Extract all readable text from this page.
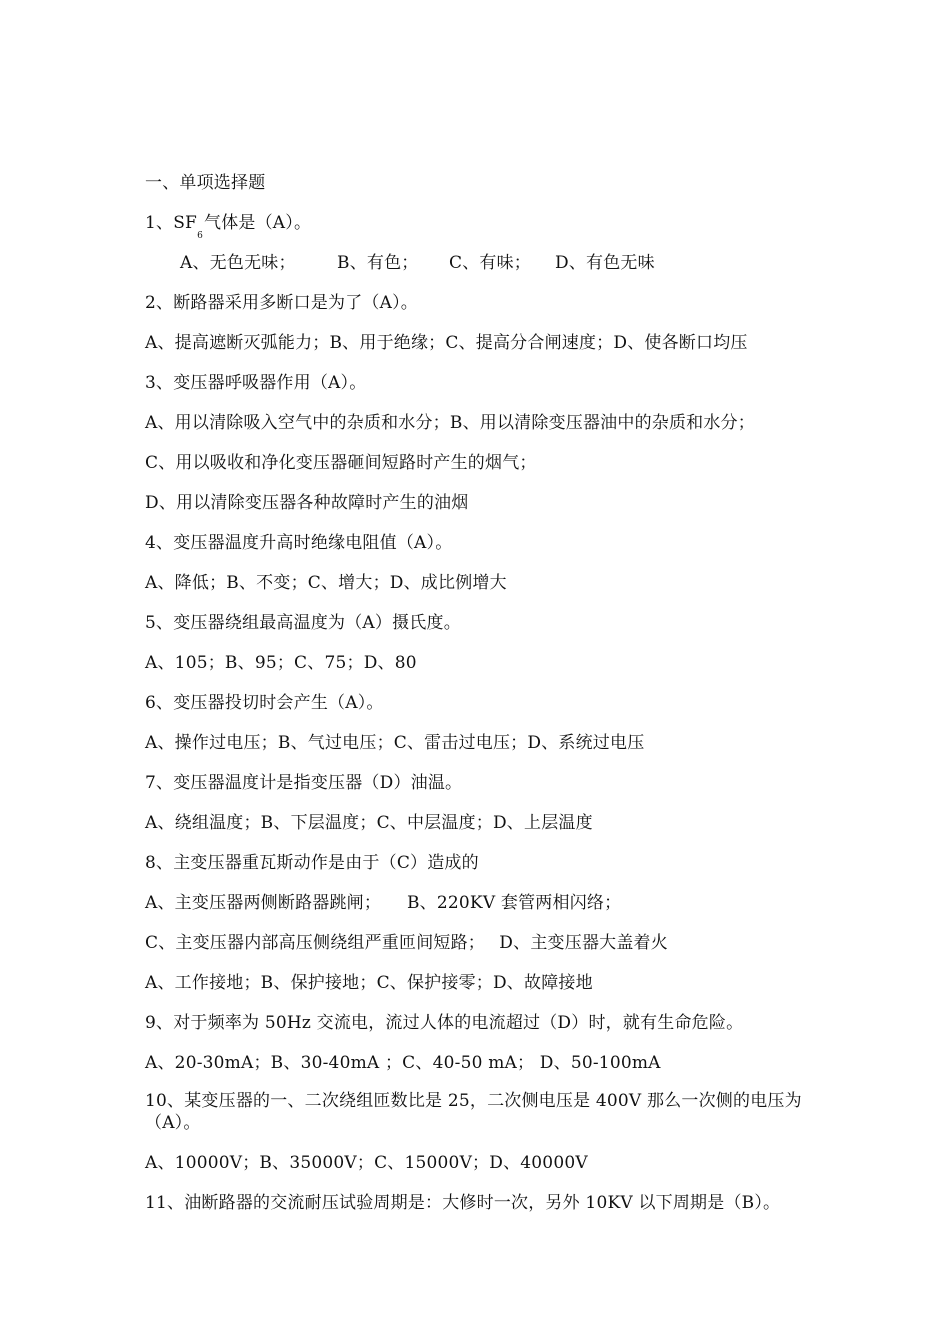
一、单项选择题
1、$SF_6$气体是（A）。
A、无色无味； B、有色； C、有味； D、有色无味
2、断路器采用多断口是为了（A）。
A、提高遮断灭弧能力；B、用于绝缘；C、提高分合闸速度；D、使各断口均压
3、变压器呼吸器作用（A）。
A、用以清除吸入空气中的杂质和水分；B、用以清除变压器油中的杂质和水分；
C、用以吸收和净化变压器砸间短路时产生的烟气；
D、用以清除变压器各种故障时产生的油烟
4、变压器温度升高时绝缘电阻值（A）。
A、降低；B、不变；C、增大；D、成比例增大
5、变压器绕组最高温度为（A）摄氏度。
A、105；B、95；C、75；D、80
6、变压器投切时会产生（A）。
A、操作过电压；B、气过电压；C、雷击过电压；D、系统过电压
7、变压器温度计是指变压器（D）油温。
A、绕组温度；B、下层温度；C、中层温度；D、上层温度
8、主变压器重瓦斯动作是由于（C）造成的
A、主变压器两侧断路器跳闸；　　B、220KV 套管两相闪络；
C、主变压器内部高压侧绕组严重匝间短路；　 D、主变压器大盖着火
A、工作接地；B、保护接地；C、保护接零；D、故障接地
9、对于频率为 50Hz 交流电，流过人体的电流超过（D）时，就有生命危险。
A、20-30mA；B、30-40mA ；C、40-50 mA； D、50-100mA
10、某变压器的一、二次绕组匝数比是 25，二次侧电压是 400V 那么一次侧的电压为（A）。
A、10000V；B、35000V；C、15000V；D、40000V
11、油断路器的交流耐压试验周期是：大修时一次，另外 10KV 以下周期是（B）。
